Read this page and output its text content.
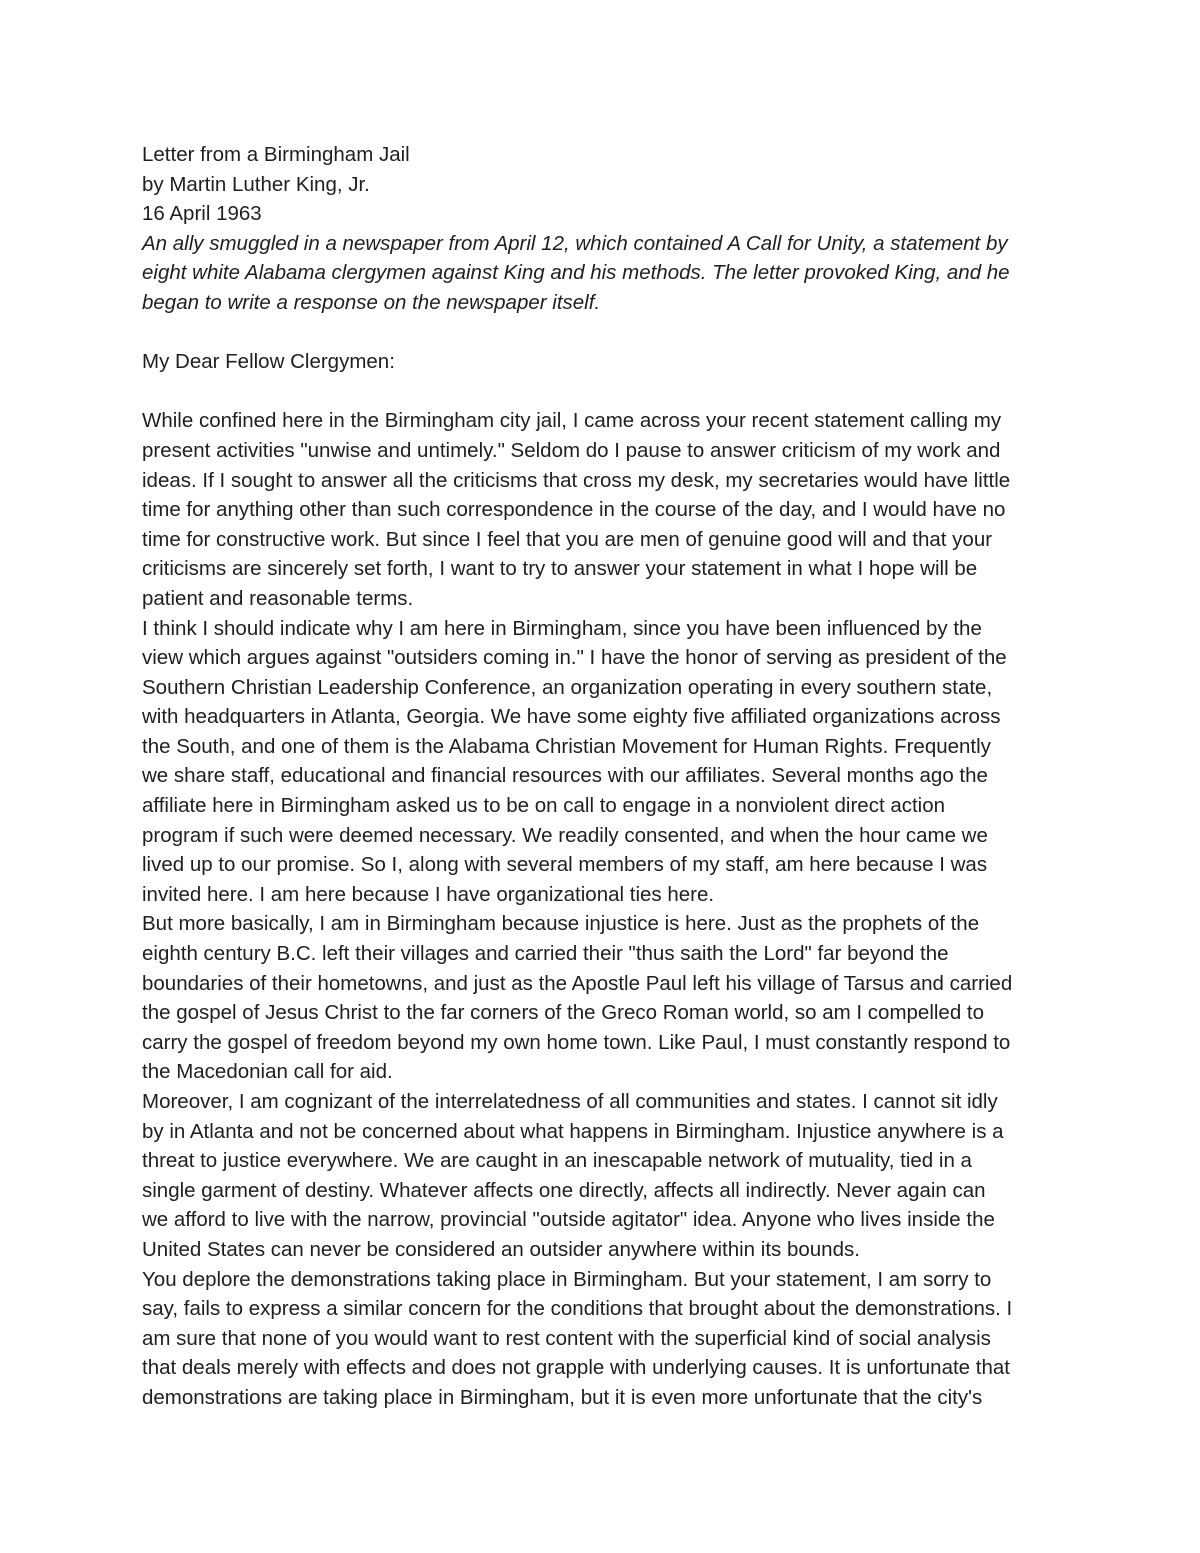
Letter from a Birmingham Jail
by Martin Luther King, Jr.
16 April 1963
An ally smuggled in a newspaper from April 12, which contained A Call for Unity, a statement by
eight white Alabama clergymen against King and his methods. The letter provoked King, and he
began to write a response on the newspaper itself.
My Dear Fellow Clergymen:

While confined here in the Birmingham city jail, I came across your recent statement calling my
present activities "unwise and untimely." Seldom do I pause to answer criticism of my work and
ideas. If I sought to answer all the criticisms that cross my desk, my secretaries would have little
time for anything other than such correspondence in the course of the day, and I would have no
time for constructive work. But since I feel that you are men of genuine good will and that your
criticisms are sincerely set forth, I want to try to answer your statement in what I hope will be
patient and reasonable terms.

I think I should indicate why I am here in Birmingham, since you have been influenced by the
view which argues against "outsiders coming in." I have the honor of serving as president of the
Southern Christian Leadership Conference, an organization operating in every southern state,
with headquarters in Atlanta, Georgia. We have some eighty five affiliated organizations across
the South, and one of them is the Alabama Christian Movement for Human Rights. Frequently
we share staff, educational and financial resources with our affiliates. Several months ago the
affiliate here in Birmingham asked us to be on call to engage in a nonviolent direct action
program if such were deemed necessary. We readily consented, and when the hour came we
lived up to our promise. So I, along with several members of my staff, am here because I was
invited here. I am here because I have organizational ties here.

But more basically, I am in Birmingham because injustice is here. Just as the prophets of the
eighth century B.C. left their villages and carried their "thus saith the Lord" far beyond the
boundaries of their hometowns, and just as the Apostle Paul left his village of Tarsus and carried
the gospel of Jesus Christ to the far corners of the Greco Roman world, so am I compelled to
carry the gospel of freedom beyond my own home town. Like Paul, I must constantly respond to
the Macedonian call for aid.

Moreover, I am cognizant of the interrelatedness of all communities and states. I cannot sit idly
by in Atlanta and not be concerned about what happens in Birmingham. Injustice anywhere is a
threat to justice everywhere. We are caught in an inescapable network of mutuality, tied in a
single garment of destiny. Whatever affects one directly, affects all indirectly. Never again can
we afford to live with the narrow, provincial "outside agitator" idea. Anyone who lives inside the
United States can never be considered an outsider anywhere within its bounds.

You deplore the demonstrations taking place in Birmingham. But your statement, I am sorry to
say, fails to express a similar concern for the conditions that brought about the demonstrations. I
am sure that none of you would want to rest content with the superficial kind of social analysis
that deals merely with effects and does not grapple with underlying causes. It is unfortunate that
demonstrations are taking place in Birmingham, but it is even more unfortunate that the city's
